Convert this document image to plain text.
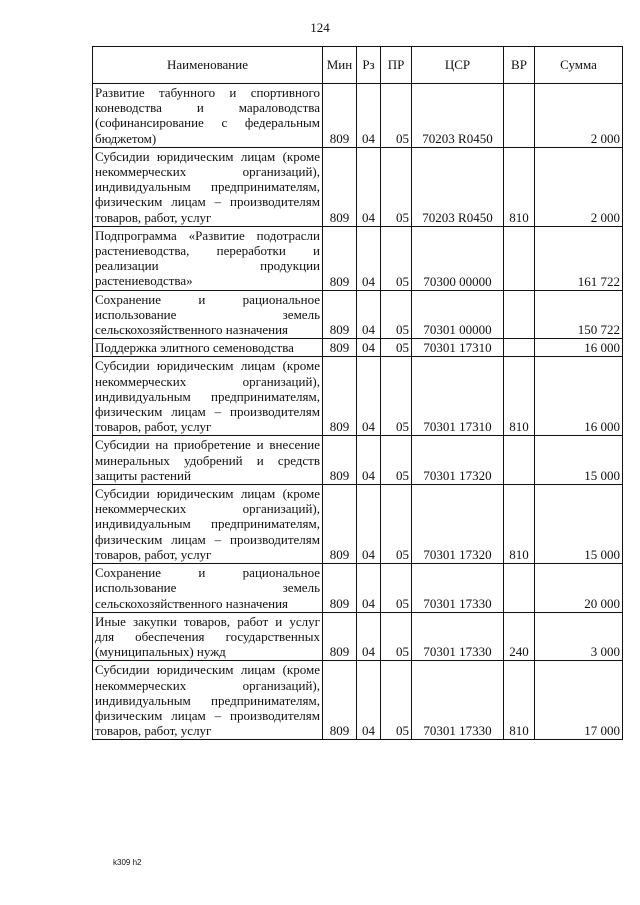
124
Наименование	Мин	Рз	ПР	ЦСР	ВР	Сумма
Развитие табунного и спортивного коневодства и мараловодства (софинансирование с федеральным бюджетом)	809	04	05	70203 R0450		2 000
Субсидии юридическим лицам (кроме некоммерческих организаций), индивидуальным предпринимателям, физическим лицам – производителям товаров, работ, услуг	809	04	05	70203 R0450	810	2 000
Подпрограмма «Развитие подотрасли растениеводства, переработки и реализации продукции растениеводства»	809	04	05	70300 00000		161 722
Сохранение и рациональное использование земель сельскохозяйственного назначения	809	04	05	70301 00000		150 722
Поддержка элитного семеноводства	809	04	05	70301 17310		16 000
Субсидии юридическим лицам (кроме некоммерческих организаций), индивидуальным предпринимателям, физическим лицам – производителям товаров, работ, услуг	809	04	05	70301 17310	810	16 000
Субсидии на приобретение и внесение минеральных удобрений и средств защиты растений	809	04	05	70301 17320		15 000
Субсидии юридическим лицам (кроме некоммерческих организаций), индивидуальным предпринимателям, физическим лицам – производителям товаров, работ, услуг	809	04	05	70301 17320	810	15 000
Сохранение и рациональное использование земель сельскохозяйственного назначения	809	04	05	70301 17330		20 000
Иные закупки товаров, работ и услуг для обеспечения государственных (муниципальных) нужд	809	04	05	70301 17330	240	3 000
Субсидии юридическим лицам (кроме некоммерческих организаций), индивидуальным предпринимателям, физическим лицам – производителям товаров, работ, услуг	809	04	05	70301 17330	810	17 000
k309 h2
